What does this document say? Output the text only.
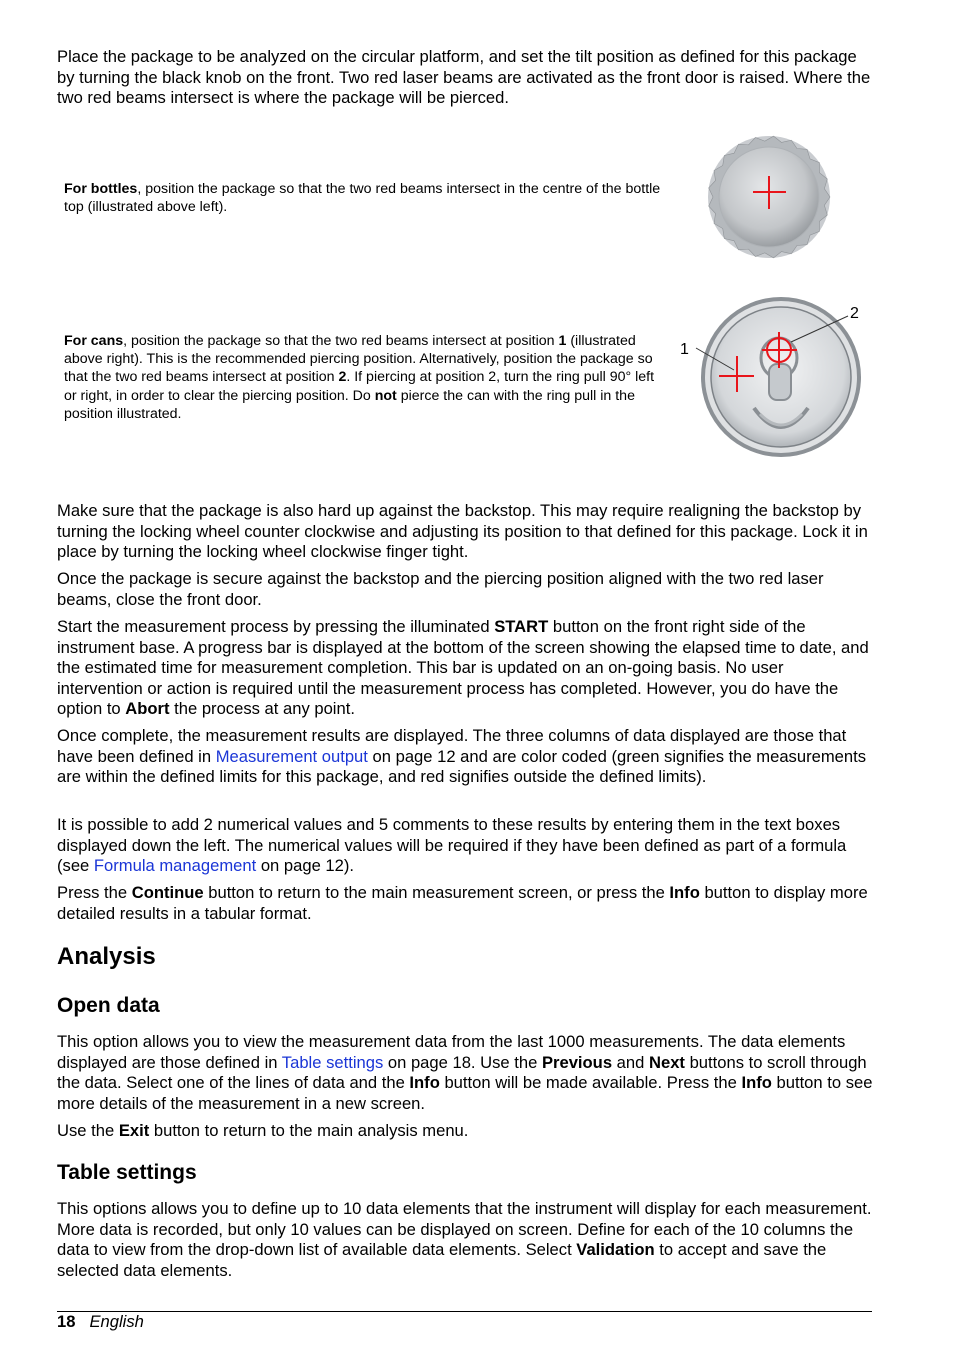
Place the package to be analyzed on the circular platform, and set the tilt position as defined for this package by turning the black knob on the front. Two red laser beams are activated as the front door is raised. Where the two red beams intersect is where the package will be pierced.

For bottles, position the package so that the two red beams intersect in the centre of the bottle top (illustrated above left).

For cans, position the package so that the two red beams intersect at position 1 (illustrated above right). This is the recommended piercing position. Alternatively, position the package so that the two red beams intersect at position 2. If piercing at position 2, turn the ring pull 90° left or right, in order to clear the piercing position. Do not pierce the can with the ring pull in the position illustrated.

1
2

Make sure that the package is also hard up against the backstop. This may require realigning the backstop by turning the locking wheel counter clockwise and adjusting its position to that defined for this package. Lock it in place by turning the locking wheel clockwise finger tight.

Once the package is secure against the backstop and the piercing position aligned with the two red laser beams, close the front door.

Start the measurement process by pressing the illuminated START button on the front right side of the instrument base. A progress bar is displayed at the bottom of the screen showing the elapsed time to date, and the estimated time for measurement completion. This bar is updated on an on-going basis. No user intervention or action is required until the measurement process has completed. However, you do have the option to Abort the process at any point.

Once complete, the measurement results are displayed. The three columns of data displayed are those that have been defined in Measurement output on page 12 and are color coded (green signifies the measurements are within the defined limits for this package, and red signifies outside the defined limits).

It is possible to add 2 numerical values and 5 comments to these results by entering them in the text boxes displayed down the left. The numerical values will be required if they have been defined as part of a formula (see Formula management on page 12).

Press the Continue button to return to the main measurement screen, or press the Info button to display more detailed results in a tabular format.

Analysis
Open data

This option allows you to view the measurement data from the last 1000 measurements. The data elements displayed are those defined in Table settings on page 18. Use the Previous and Next buttons to scroll through the data. Select one of the lines of data and the Info button will be made available. Press the Info button to see more details of the measurement in a new screen.

Use the Exit button to return to the main analysis menu.

Table settings

This options allows you to define up to 10 data elements that the instrument will display for each measurement. More data is recorded, but only 10 values can be displayed on screen. Define for each of the 10 columns the data to view from the drop-down list of available data elements. Select Validation to accept and save the selected data elements.

18 English
